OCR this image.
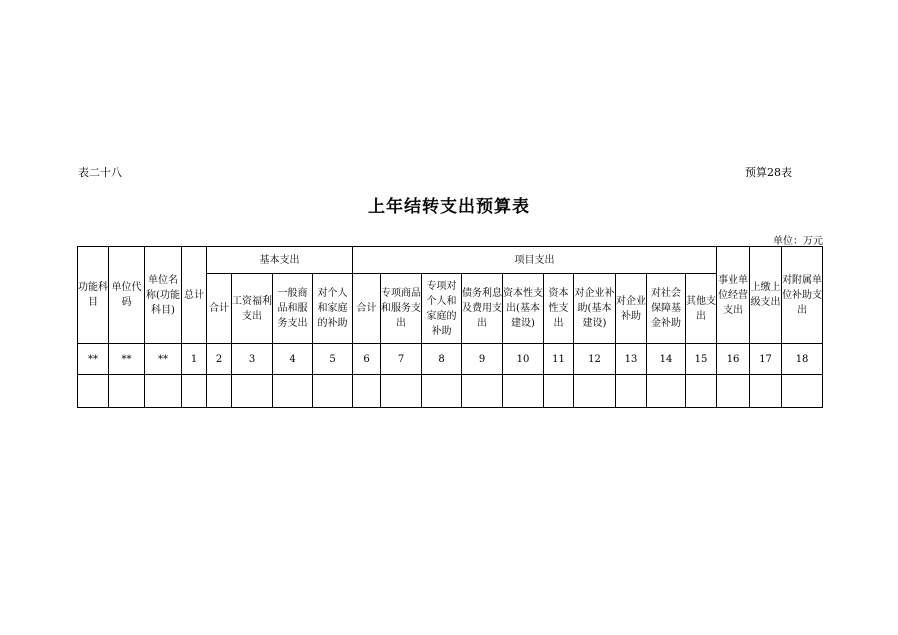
表二十八	预算28表
上年结转支出预算表
单位：万元
功能科目	单位代码	单位名称(功能科目)	总计	基本支出				项目支出										事业单位经营支出	上缴上级支出	对附属单位补助支出
				合计	工资福利支出	一般商品和服务支出	对个人和家庭的补助	合计	专项商品和服务支出	专项对个人和家庭的补助	债务利息及费用支出	资本性支出(基本建设)	资本性支出	对企业补助(基本建设)	对企业补助	对社会保障基金补助	其他支出			
**	**	**	1	2	3	4	5	6	7	8	9	10	11	12	13	14	15	16	17	18
